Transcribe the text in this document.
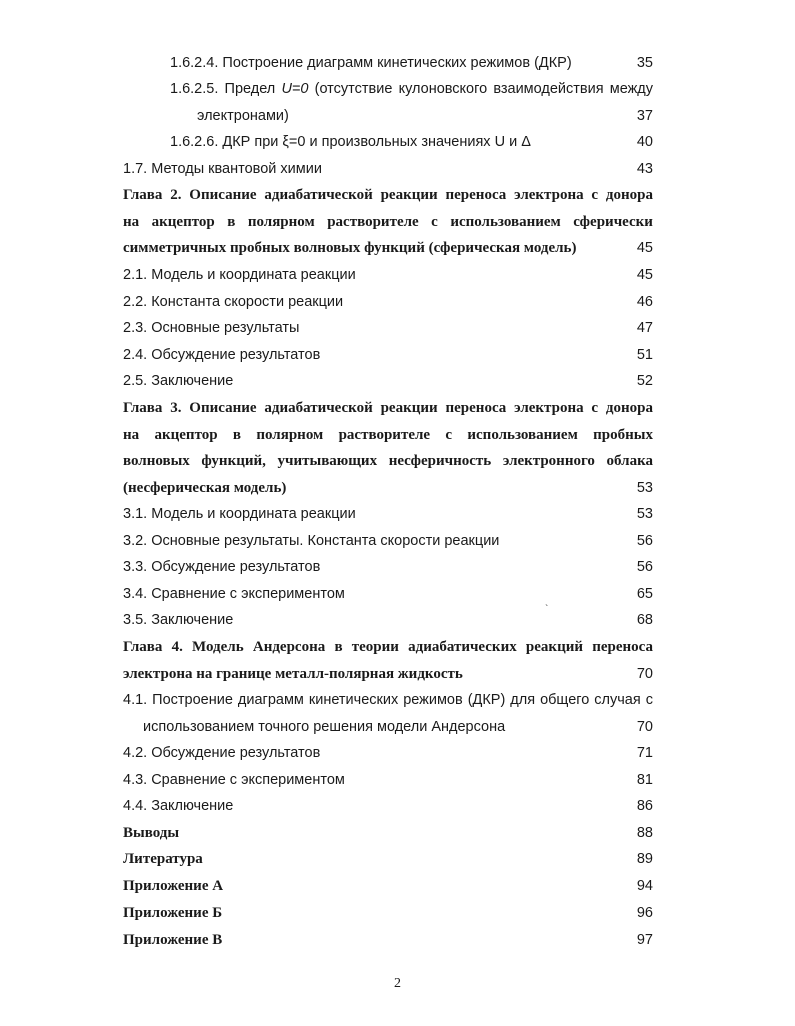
1.6.2.4. Построение диаграмм кинетических режимов (ДКР)	35
1.6.2.5. Предел U=0 (отсутствие кулоновского взаимодействия между
электронами)	37
1.6.2.6. ДКР при ξ=0 и произвольных значениях U и Δ	40
1.7. Методы квантовой химии	43
Глава 2. Описание адиабатической реакции переноса электрона с донора
на акцептор в полярном растворителе с использованием сферически
симметричных пробных волновых функций (сферическая модель)	45
2.1. Модель и координата реакции	45
2.2. Константа скорости реакции	46
2.3. Основные результаты	47
2.4. Обсуждение результатов	51
2.5. Заключение	52
Глава 3. Описание адиабатической реакции переноса электрона с донора
на акцептор в полярном растворителе с использованием пробных
волновых функций, учитывающих несферичность электронного облака
(несферическая модель)	53
3.1. Модель и координата реакции	53
3.2. Основные результаты. Константа скорости реакции	56
3.3. Обсуждение результатов	56
3.4. Сравнение с экспериментом	65
`
3.5. Заключение	68
Глава 4. Модель Андерсона в теории адиабатических реакций переноса
электрона на границе металл-полярная жидкость	70
4.1. Построение диаграмм кинетических режимов (ДКР) для общего случая с
использованием точного решения модели Андерсона	70
4.2. Обсуждение результатов	71
4.3. Сравнение с экспериментом	81
4.4. Заключение	86
Выводы	88
Литература	89
Приложение А	94
Приложение Б	96
Приложение В	97
2
